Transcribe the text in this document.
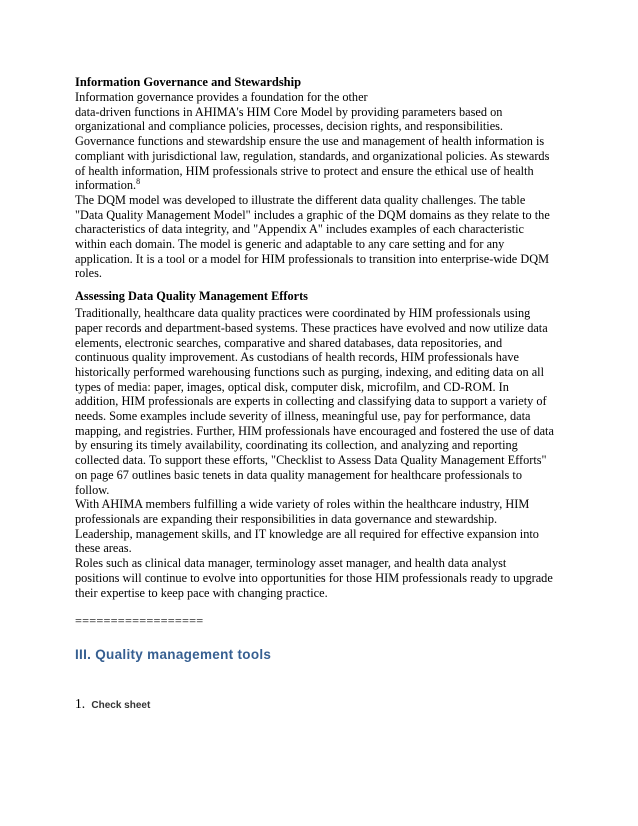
Information Governance and Stewardship
Information governance provides a foundation for the other
data-driven functions in AHIMA's HIM Core Model by providing parameters based on
organizational and compliance policies, processes, decision rights, and responsibilities.
Governance functions and stewardship ensure the use and management of health information is
compliant with jurisdictional law, regulation, standards, and organizational policies. As stewards
of health information, HIM professionals strive to protect and ensure the ethical use of health
information.$^8$
The DQM model was developed to illustrate the different data quality challenges. The table
"Data Quality Management Model" includes a graphic of the DQM domains as they relate to the
characteristics of data integrity, and "Appendix A" includes examples of each characteristic
within each domain. The model is generic and adaptable to any care setting and for any
application. It is a tool or a model for HIM professionals to transition into enterprise-wide DQM
roles.
Assessing Data Quality Management Efforts
Traditionally, healthcare data quality practices were coordinated by HIM professionals using
paper records and department-based systems. These practices have evolved and now utilize data
elements, electronic searches, comparative and shared databases, data repositories, and
continuous quality improvement. As custodians of health records, HIM professionals have
historically performed warehousing functions such as purging, indexing, and editing data on all
types of media: paper, images, optical disk, computer disk, microfilm, and CD-ROM. In
addition, HIM professionals are experts in collecting and classifying data to support a variety of
needs. Some examples include severity of illness, meaningful use, pay for performance, data
mapping, and registries. Further, HIM professionals have encouraged and fostered the use of data
by ensuring its timely availability, coordinating its collection, and analyzing and reporting
collected data. To support these efforts, "Checklist to Assess Data Quality Management Efforts"
on page 67 outlines basic tenets in data quality management for healthcare professionals to
follow.
With AHIMA members fulfilling a wide variety of roles within the healthcare industry, HIM
professionals are expanding their responsibilities in data governance and stewardship.
Leadership, management skills, and IT knowledge are all required for effective expansion into
these areas.
Roles such as clinical data manager, terminology asset manager, and health data analyst
positions will continue to evolve into opportunities for those HIM professionals ready to upgrade
their expertise to keep pace with changing practice.
==================
III. Quality management tools
1. Check sheet
